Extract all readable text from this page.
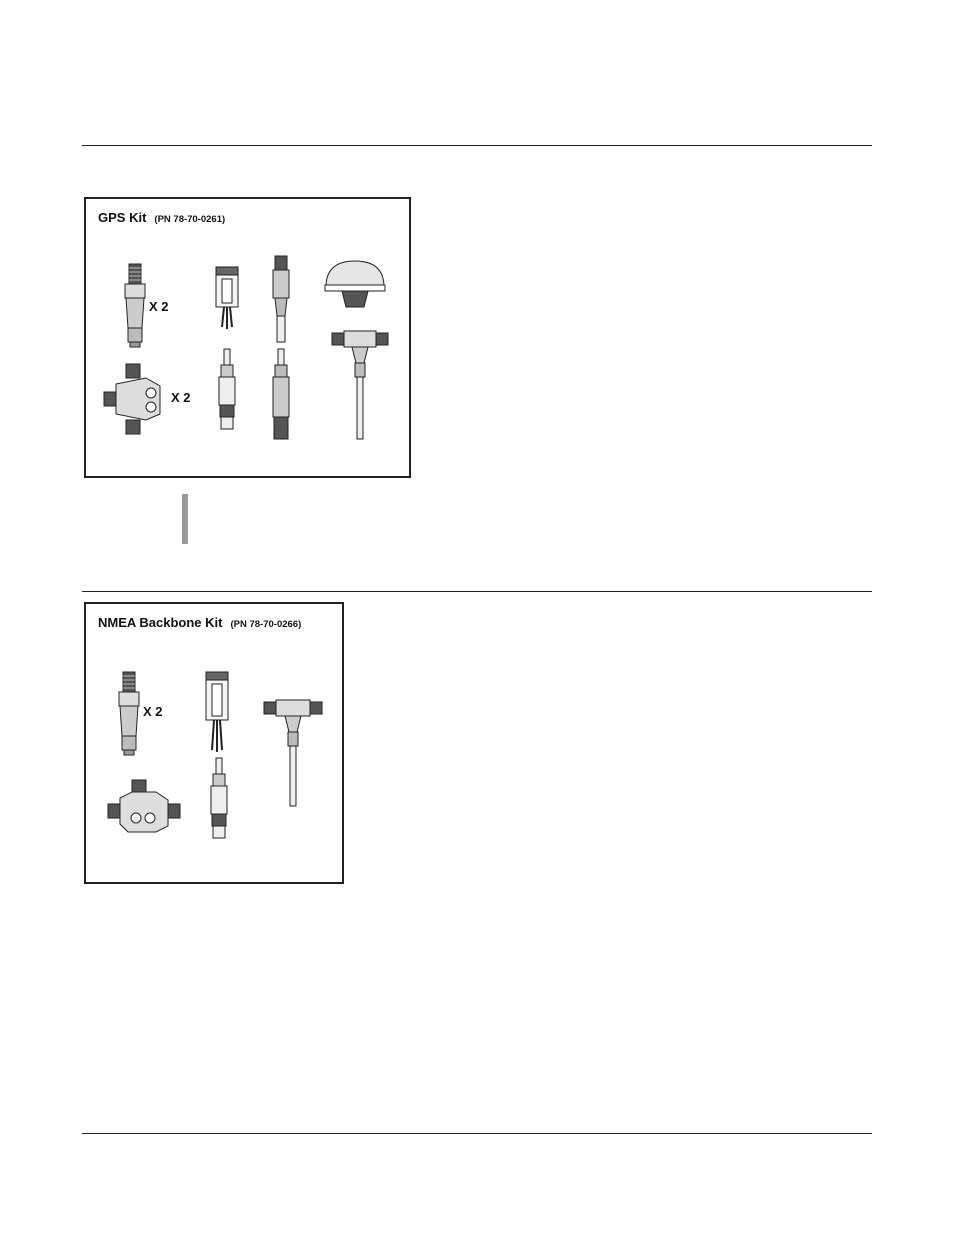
GPS Kit (PN 78-70-0261)
X 2
X 2
NMEA Backbone Kit (PN 78-70-0266)
X 2
